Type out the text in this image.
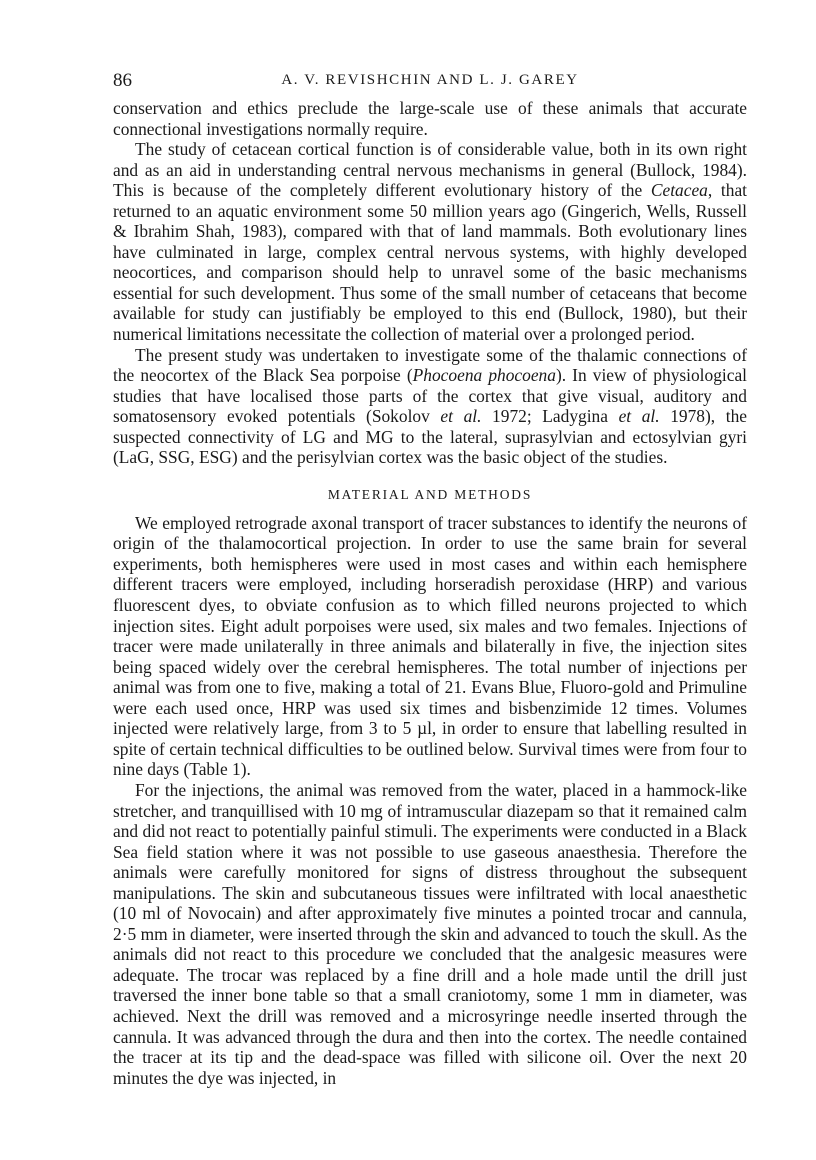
86	A. V. REVISHCHIN AND L. J. GAREY

conservation and ethics preclude the large-scale use of these animals that accurate connectional investigations normally require.

The study of cetacean cortical function is of considerable value, both in its own right and as an aid in understanding central nervous mechanisms in general (Bullock, 1984). This is because of the completely different evolutionary history of the Cetacea, that returned to an aquatic environment some 50 million years ago (Gingerich, Wells, Russell & Ibrahim Shah, 1983), compared with that of land mammals. Both evolutionary lines have culminated in large, complex central nervous systems, with highly developed neocortices, and comparison should help to unravel some of the basic mechanisms essential for such development. Thus some of the small number of cetaceans that become available for study can justifiably be employed to this end (Bullock, 1980), but their numerical limitations necessitate the collection of material over a prolonged period.

The present study was undertaken to investigate some of the thalamic connections of the neocortex of the Black Sea porpoise (Phocoena phocoena). In view of physiological studies that have localised those parts of the cortex that give visual, auditory and somatosensory evoked potentials (Sokolov et al. 1972; Ladygina et al. 1978), the suspected connectivity of LG and MG to the lateral, suprasylvian and ectosylvian gyri (LaG, SSG, ESG) and the perisylvian cortex was the basic object of the studies.

MATERIAL AND METHODS

We employed retrograde axonal transport of tracer substances to identify the neurons of origin of the thalamocortical projection. In order to use the same brain for several experiments, both hemispheres were used in most cases and within each hemisphere different tracers were employed, including horseradish peroxidase (HRP) and various fluorescent dyes, to obviate confusion as to which filled neurons projected to which injection sites. Eight adult porpoises were used, six males and two females. Injections of tracer were made unilaterally in three animals and bilaterally in five, the injection sites being spaced widely over the cerebral hemispheres. The total number of injections per animal was from one to five, making a total of 21. Evans Blue, Fluoro-gold and Primuline were each used once, HRP was used six times and bisbenzimide 12 times. Volumes injected were relatively large, from 3 to 5 µl, in order to ensure that labelling resulted in spite of certain technical difficulties to be outlined below. Survival times were from four to nine days (Table 1).

For the injections, the animal was removed from the water, placed in a hammock-like stretcher, and tranquillised with 10 mg of intramuscular diazepam so that it remained calm and did not react to potentially painful stimuli. The experiments were conducted in a Black Sea field station where it was not possible to use gaseous anaesthesia. Therefore the animals were carefully monitored for signs of distress throughout the subsequent manipulations. The skin and subcutaneous tissues were infiltrated with local anaesthetic (10 ml of Novocain) and after approximately five minutes a pointed trocar and cannula, 2·5 mm in diameter, were inserted through the skin and advanced to touch the skull. As the animals did not react to this procedure we concluded that the analgesic measures were adequate. The trocar was replaced by a fine drill and a hole made until the drill just traversed the inner bone table so that a small craniotomy, some 1 mm in diameter, was achieved. Next the drill was removed and a microsyringe needle inserted through the cannula. It was advanced through the dura and then into the cortex. The needle contained the tracer at its tip and the dead-space was filled with silicone oil. Over the next 20 minutes the dye was injected, in
